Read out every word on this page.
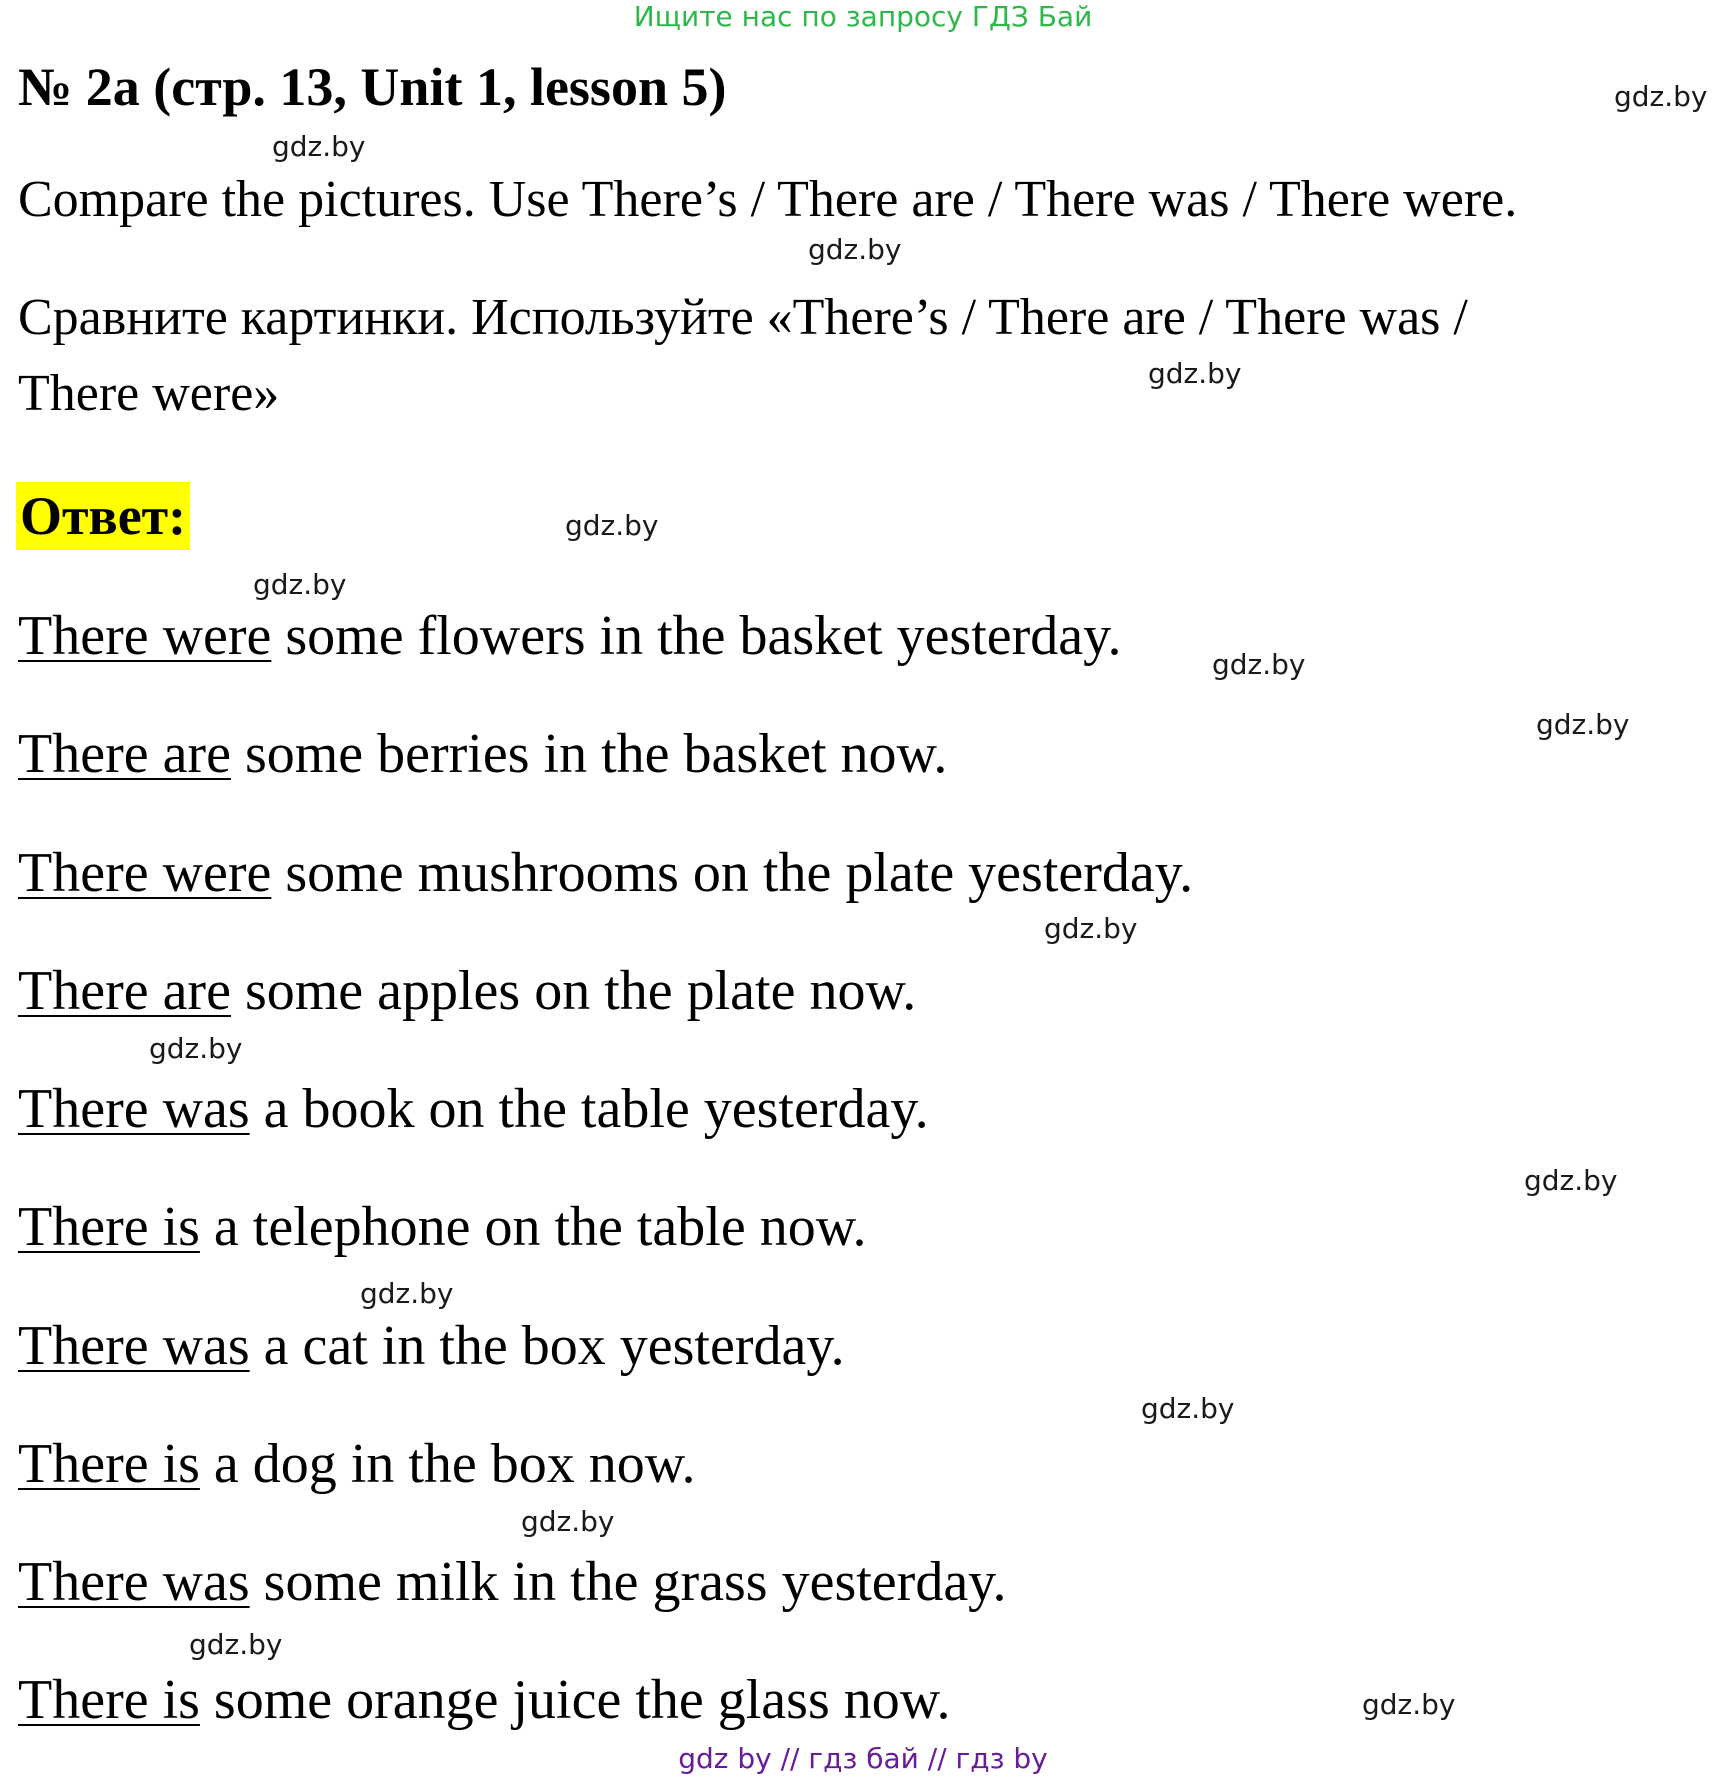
Ищите нас по запросу ГДЗ Бай
№ 2a (стр. 13, Unit 1, lesson 5)
Compare the pictures. Use There’s / There are / There was / There were.
Сравните картинки. Используйте «There’s / There are / There was /
There were»
Ответ:
There were some flowers in the basket yesterday.
There are some berries in the basket now.
There were some mushrooms on the plate yesterday.
There are some apples on the plate now.
There was a book on the table yesterday.
There is a telephone on the table now.
There was a cat in the box yesterday.
There is a dog in the box now.
There was some milk in the grass yesterday.
There is some orange juice the glass now.
gdz.by
gdz.by
gdz.by
gdz.by
gdz.by
gdz.by
gdz.by
gdz.by
gdz.by
gdz.by
gdz.by
gdz.by
gdz.by
gdz.by
gdz.by
gdz.by
gdz by // гдз бай // гдз by
